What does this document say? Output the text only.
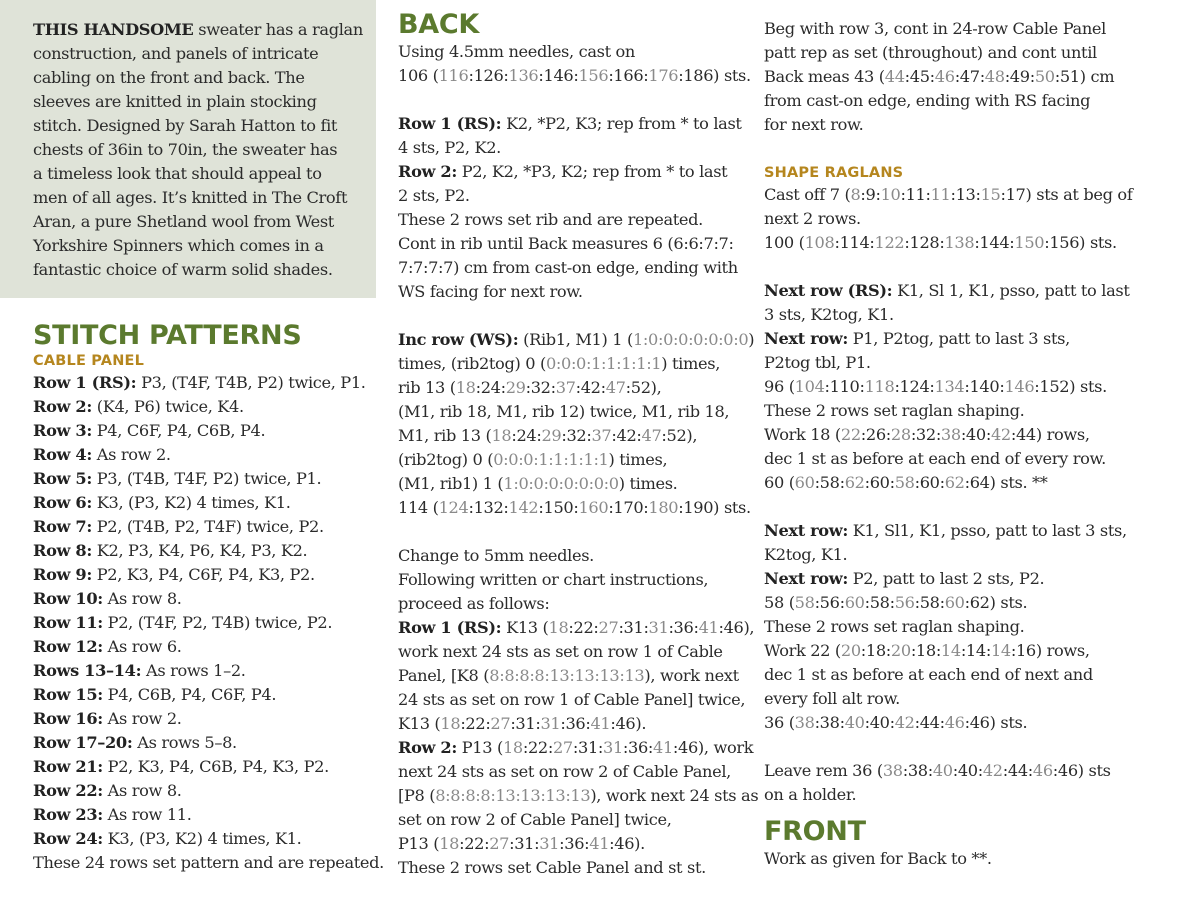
THIS HANDSOME sweater has a raglan

construction, and panels of intricate

cabling on the front and back. The

sleeves are knitted in plain stocking

stitch. Designed by Sarah Hatton to fit

chests of 36in to 70in, the sweater has

a timeless look that should appeal to

men of all ages. It’s knitted in The Croft

Aran, a pure Shetland wool from West

Yorkshire Spinners which comes in a

fantastic choice of warm solid shades.

STITCH PATTERNS
CABLE PANEL

Row 1 (RS): P3, (T4F, T4B, P2) twice, P1.

Row 2: (K4, P6) twice, K4.

Row 3: P4, C6F, P4, C6B, P4.

Row 4: As row 2.

Row 5: P3, (T4B, T4F, P2) twice, P1.

Row 6: K3, (P3, K2) 4 times, K1.

Row 7: P2, (T4B, P2, T4F) twice, P2.

Row 8: K2, P3, K4, P6, K4, P3, K2.

Row 9: P2, K3, P4, C6F, P4, K3, P2.

Row 10: As row 8.

Row 11: P2, (T4F, P2, T4B) twice, P2.

Row 12: As row 6.

Rows 13–14: As rows 1–2.

Row 15: P4, C6B, P4, C6F, P4.

Row 16: As row 2.

Row 17–20: As rows 5–8.

Row 21: P2, K3, P4, C6B, P4, K3, P2.

Row 22: As row 8.

Row 23: As row 11.

Row 24: K3, (P3, K2) 4 times, K1.

These 24 rows set pattern and are repeated.

BACK

Using 4.5mm needles, cast on

106 (116:126:136:146:156:166:176:186) sts.

Row 1 (RS): K2, *P2, K3; rep from * to last

4 sts, P2, K2.

Row 2: P2, K2, *P3, K2; rep from * to last

2 sts, P2.

These 2 rows set rib and are repeated.

Cont in rib until Back measures 6 (6:6:7:7:

7:7:7:7) cm from cast-on edge, ending with

WS facing for next row.

Inc row (WS): (Rib1, M1) 1 (1:0:0:0:0:0:0:0)

times, (rib2tog) 0 (0:0:0:1:1:1:1:1) times,

rib 13 (18:24:29:32:37:42:47:52),

(M1, rib 18, M1, rib 12) twice, M1, rib 18,

M1, rib 13 (18:24:29:32:37:42:47:52),

(rib2tog) 0 (0:0:0:1:1:1:1:1) times,

(M1, rib1) 1 (1:0:0:0:0:0:0:0) times.

114 (124:132:142:150:160:170:180:190) sts.

Change to 5mm needles.

Following written or chart instructions,

proceed as follows:

Row 1 (RS): K13 (18:22:27:31:31:36:41:46),

work next 24 sts as set on row 1 of Cable

Panel, [K8 (8:8:8:8:13:13:13:13), work next

24 sts as set on row 1 of Cable Panel] twice,

K13 (18:22:27:31:31:36:41:46).

Row 2: P13 (18:22:27:31:31:36:41:46), work

next 24 sts as set on row 2 of Cable Panel,

[P8 (8:8:8:8:13:13:13:13), work next 24 sts as

set on row 2 of Cable Panel] twice,

P13 (18:22:27:31:31:36:41:46).

These 2 rows set Cable Panel and st st.

Beg with row 3, cont in 24-row Cable Panel

patt rep as set (throughout) and cont until

Back meas 43 (44:45:46:47:48:49:50:51) cm

from cast-on edge, ending with RS facing

for next row.

SHAPE RAGLANS

Cast off 7 (8:9:10:11:11:13:15:17) sts at beg of

next 2 rows.

100 (108:114:122:128:138:144:150:156) sts.

Next row (RS): K1, Sl 1, K1, psso, patt to last

3 sts, K2tog, K1.

Next row: P1, P2tog, patt to last 3 sts,

P2tog tbl, P1.

96 (104:110:118:124:134:140:146:152) sts.

These 2 rows set raglan shaping.

Work 18 (22:26:28:32:38:40:42:44) rows,

dec 1 st as before at each end of every row.

60 (60:58:62:60:58:60:62:64) sts. **

Next row: K1, Sl1, K1, psso, patt to last 3 sts,

K2tog, K1.

Next row: P2, patt to last 2 sts, P2.

58 (58:56:60:58:56:58:60:62) sts.

These 2 rows set raglan shaping.

Work 22 (20:18:20:18:14:14:14:16) rows,

dec 1 st as before at each end of next and

every foll alt row.

36 (38:38:40:40:42:44:46:46) sts.

Leave rem 36 (38:38:40:40:42:44:46:46) sts

on a holder.

FRONT

Work as given for Back to **.
